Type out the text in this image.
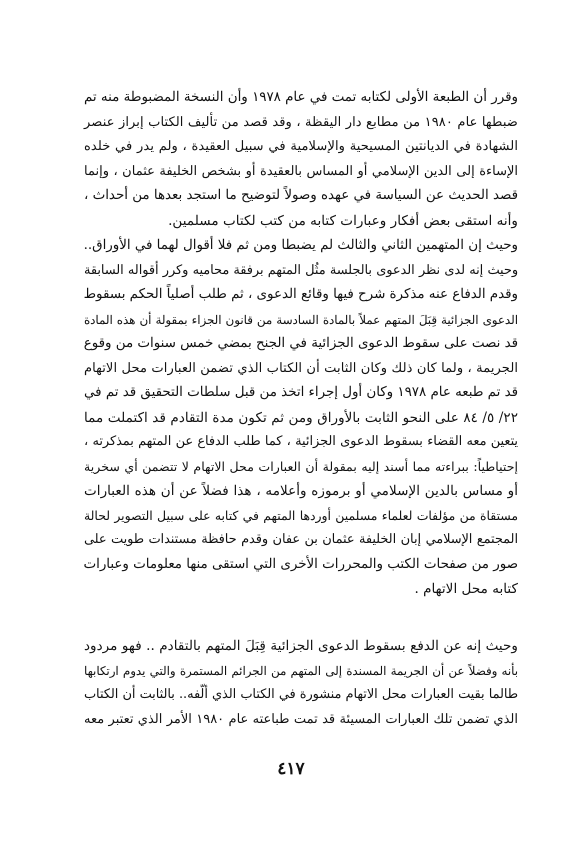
وقرر أن الطبعة الأولى لكتابه تمت في عام ١٩٧٨ وأن النسخة المضبوطة منه تم
ضبطها عام ١٩٨٠ من مطابع دار اليقظة ، وقد قصد من تأليف الكتاب إبراز عنصر
الشهادة في الديانتين المسيحية والإسلامية في سبيل العقيدة ، ولم يدر في خلده
الإساءة إلى الدين الإسلامي أو المساس بالعقيدة أو بشخص الخليفة عثمان ، وإنما
قصد الحديث عن السياسة في عهده وصولاً لتوضيح ما استجد بعدها من أحداث ،
وأنه استقى بعض أفكار وعبارات كتابه من كتب لكتاب مسلمين.
وحيث إن المتهمين الثاني والثالث لم يضبطا ومن ثم فلا أقوال لهما في الأوراق..
وحيث إنه لدى نظر الدعوى بالجلسة مثُل المتهم برفقة محاميه وكرر أقواله السابقة
وقدم الدفاع عنه مذكرة شرح فيها وقائع الدعوى ، ثم طلب أصلياً الحكم بسقوط
الدعوى الجزائية قِبَلَ المتهم عملاً بالمادة السادسة من قانون الجزاء بمقولة أن هذه المادة
قد نصت على سقوط الدعوى الجزائية في الجنح بمضي خمس سنوات من وقوع
الجريمة ، ولما كان ذلك وكان الثابت أن الكتاب الذي تضمن العبارات محل الاتهام
قد تم طبعه عام ١٩٧٨ وكان أول إجراء اتخذ من قبل سلطات التحقيق قد تم في
٢٢/ ٥/ ٨٤ على النحو الثابت بالأوراق ومن ثم تكون مدة التقادم قد اكتملت مما
يتعين معه القضاء بسقوط الدعوى الجزائية ، كما طلب الدفاع عن المتهم بمذكرته ،
إحتياطياً: ببراءته مما أسند إليه بمقولة أن العبارات محل الاتهام لا تتضمن أي سخرية
أو مساس بالدين الإسلامي أو برموزه وأعلامه ، هذا فضلاً عن أن هذه العبارات
مستقاة من مؤلفات لعلماء مسلمين أوردها المتهم في كتابه على سبيل التصوير لحالة
المجتمع الإسلامي إبان الخليفة عثمان بن عفان وقدم حافظة مستندات طويت على
صور من صفحات الكتب والمحررات الأخرى التي استقى منها معلومات وعبارات
كتابه محل الاتهام .
وحيث إنه عن الدفع بسقوط الدعوى الجزائية قِبَلَ المتهم بالتقادم .. فهو مردود
بأنه وفضلاً عن أن الجريمة المسندة إلى المتهم من الجرائم المستمرة والتي يدوم ارتكابها
طالما بقيت العبارات محل الاتهام منشورة في الكتاب الذي ألّفه.. بالثابت أن الكتاب
الذي تضمن تلك العبارات المسيئة قد تمت طباعته عام ١٩٨٠ الأمر الذي تعتبر معه
٤١٧
